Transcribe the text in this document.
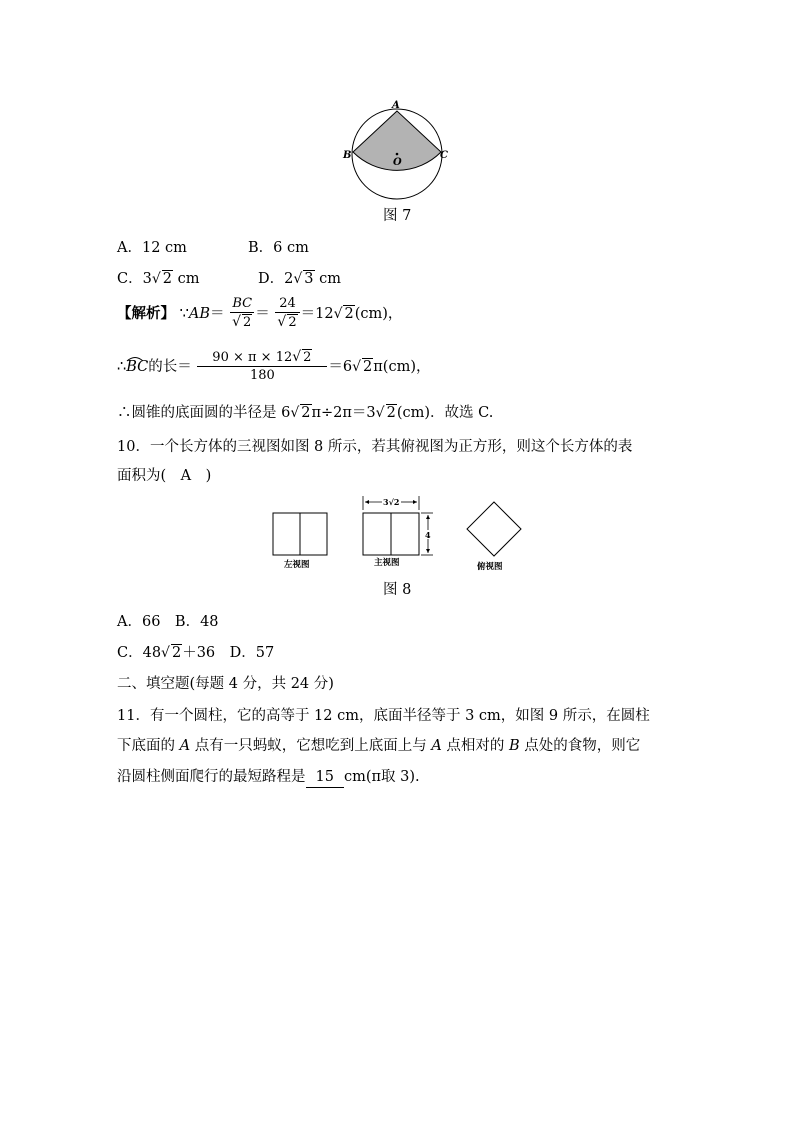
A
B	C
O
图 7
A．12 cm	B．6 cm
C．3√ 2 cm	D．2√ 3 cm
【解析】 ∵AB＝ $\frac{BC}{√ 2} = \frac{24}{√ 2} =12√$ 2(cm)，
∴BC
的长＝ $\frac{90 \times \pi \times 12√ 2}{180} =6√$ 2π(cm)，
∴圆锥的底面圆的半径是 6√ 2π÷2π＝3√ 2(cm)．故选 C.
10．一个长方体的三视图如图 8 所示，若其俯视图为正方形，则这个长方体的表
面积为(　A　)
左视图
3√2
4
主视图	俯视图
图 8
A．66　B．48
C．48√ 2＋36　D．57
二、填空题(每题 4 分，共 24 分)
11．有一个圆柱，它的高等于 12 cm，底面半径等于 3 cm，如图 9 所示，在圆柱
下底面的 A 点有一只蚂蚁，它想吃到上底面上与 A 点相对的 B 点处的食物，则它
沿圆柱侧面爬行的最短路程是 15 cm(π取 3).
